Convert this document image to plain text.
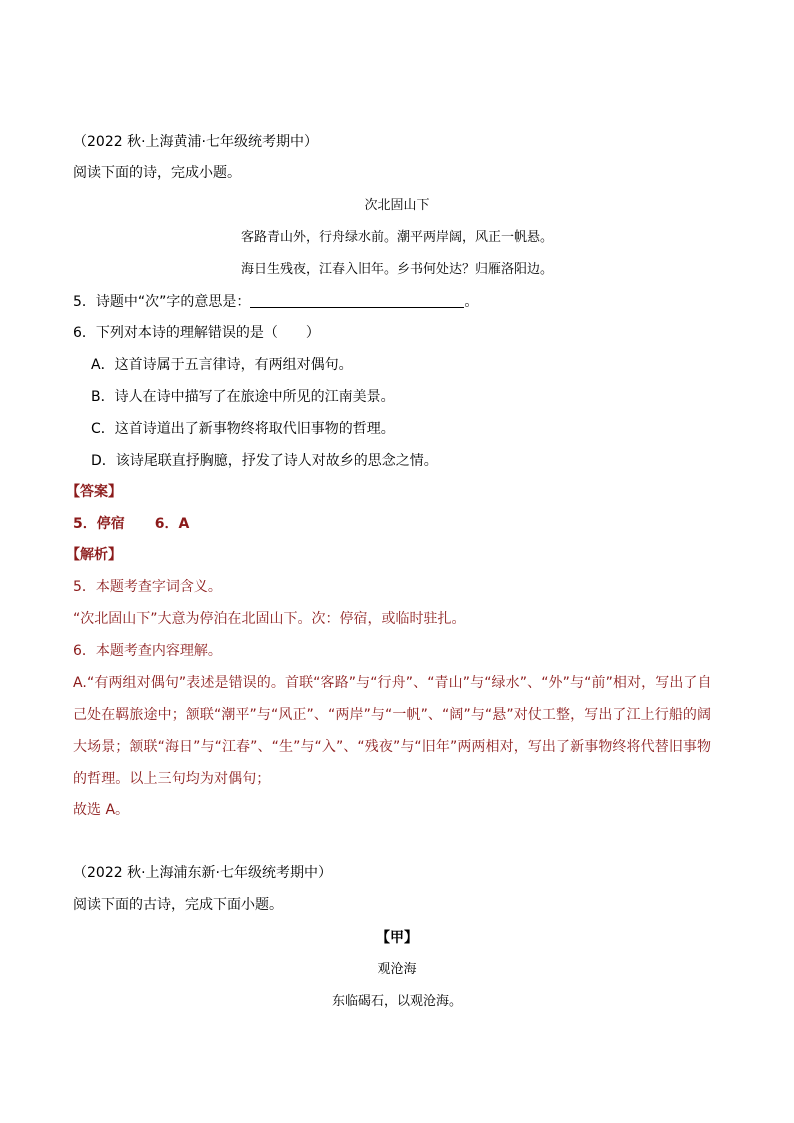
（2022 秋·上海黄浦·七年级统考期中）
阅读下面的诗，完成小题。
次北固山下
客路青山外，行舟绿水前。潮平两岸阔，风正一帆悬。
海日生残夜，江春入旧年。乡书何处达？归雁洛阳边。
5．诗题中“次”字的意思是：	。
6．下列对本诗的理解错误的是（　　）
A．这首诗属于五言律诗，有两组对偶句。
B．诗人在诗中描写了在旅途中所见的江南美景。
C．这首诗道出了新事物终将取代旧事物的哲理。
D．该诗尾联直抒胸臆，抒发了诗人对故乡的思念之情。
【答案】
5．停宿 6．A
【解析】
5．本题考查字词含义。
“次北固山下”大意为停泊在北固山下。次：停宿，或临时驻扎。
6．本题考查内容理解。
A.“有两组对偶句”表述是错误的。首联“客路”与“行舟”、“青山”与“绿水”、“外”与“前”相对，写出了自己处在羁旅途中；颔联“潮平”与“风正”、“两岸”与“一帆”、“阔”与“悬”对仗工整，写出了江上行船的阔大场景；颔联“海日”与“江春”、“生”与“入”、“残夜”与“旧年”两两相对，写出了新事物终将代替旧事物的哲理。以上三句均为对偶句；
故选 A。
（2022 秋·上海浦东新·七年级统考期中）
阅读下面的古诗，完成下面小题。
【甲】
观沧海
东临碣石，以观沧海。
